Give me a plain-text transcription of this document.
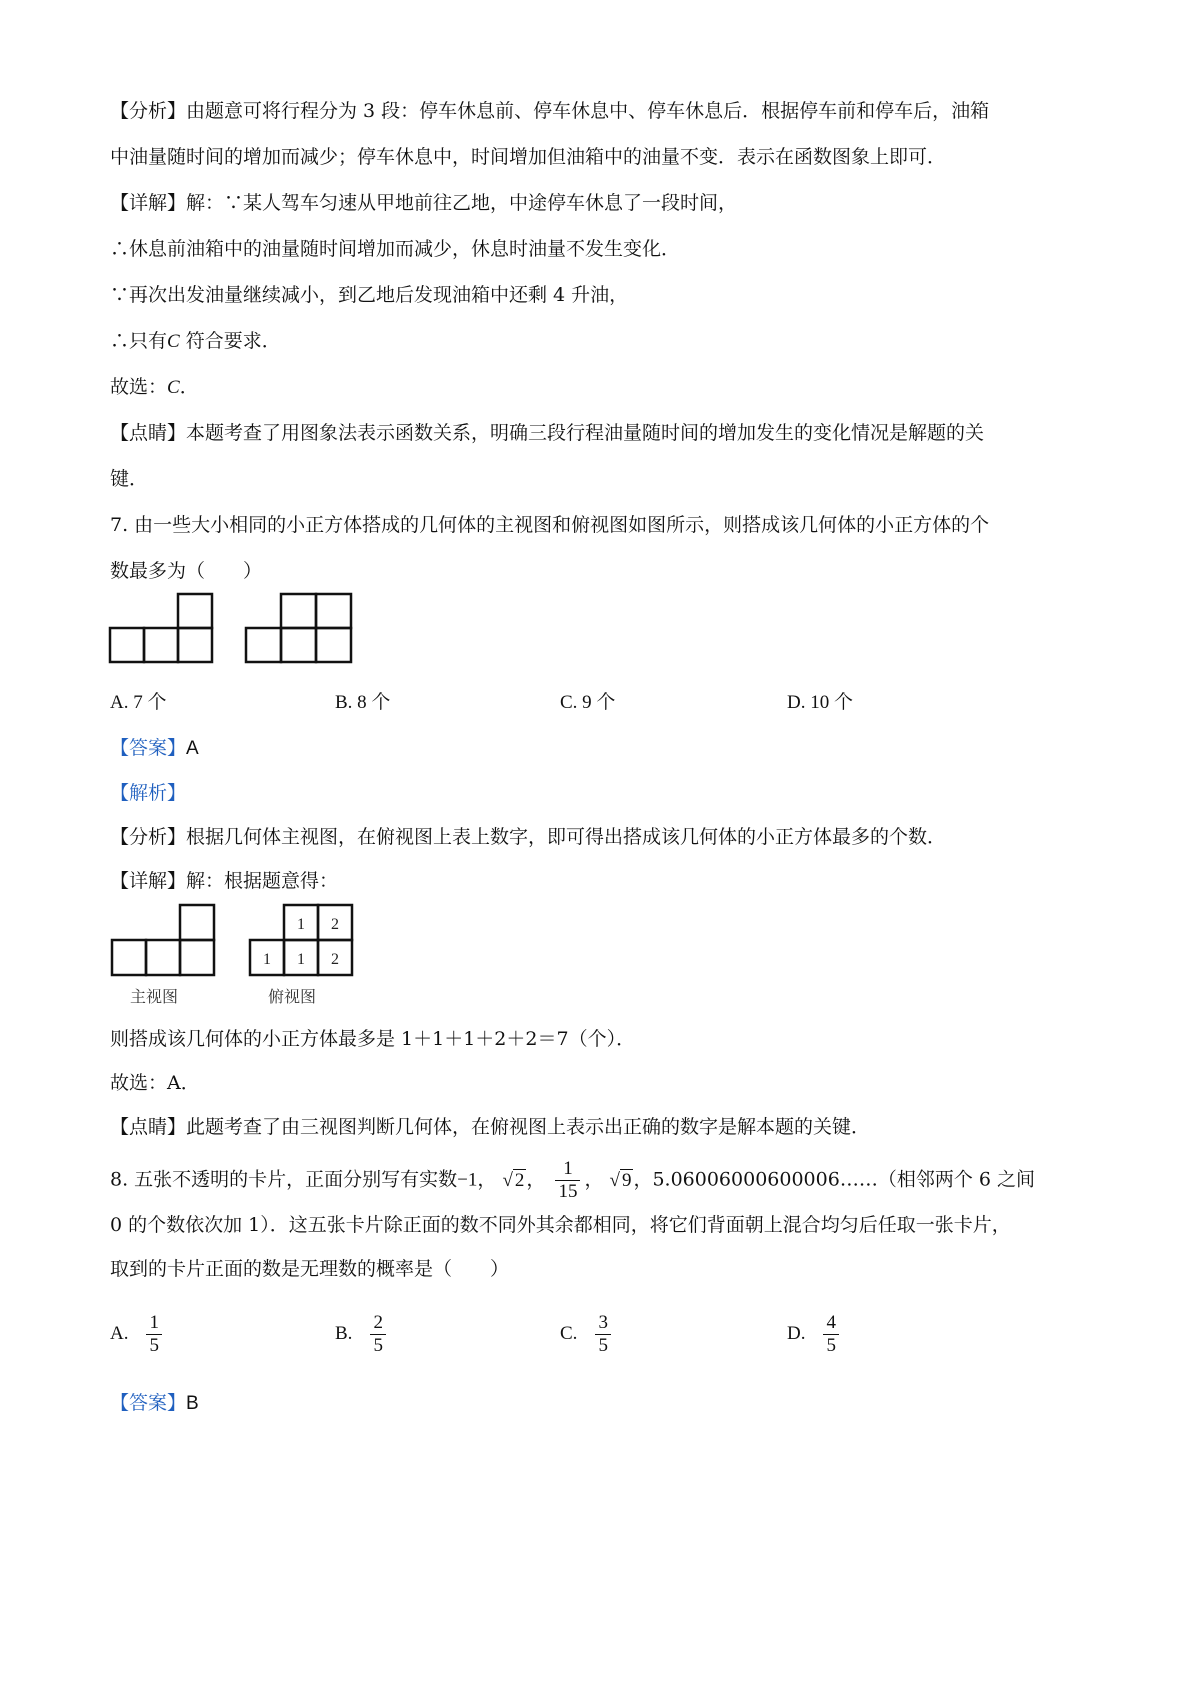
【分析】由题意可将行程分为 3 段：停车休息前、停车休息中、停车休息后．根据停车前和停车后，油箱
中油量随时间的增加而减少；停车休息中，时间增加但油箱中的油量不变．表示在函数图象上即可．
【详解】解：∵某人驾车匀速从甲地前往乙地，中途停车休息了一段时间，
∴休息前油箱中的油量随时间增加而减少，休息时油量不发生变化．
∵再次出发油量继续减小，到乙地后发现油箱中还剩 4 升油，
∴只有C 符合要求．
故选：C．
【点睛】本题考查了用图象法表示函数关系，明确三段行程油量随时间的增加发生的变化情况是解题的关
键．
7. 由一些大小相同的小正方体搭成的几何体的主视图和俯视图如图所示，则搭成该几何体的小正方体的个
数最多为（　　）
A. 7 个	B. 8 个	C. 9 个	D. 10 个
【答案】A
【解析】
【分析】根据几何体主视图，在俯视图上表上数字，即可得出搭成该几何体的小正方体最多的个数．
【详解】解：根据题意得：
1 2
1 1 2
主视图	俯视图
则搭成该几何体的小正方体最多是 1＋1＋1＋2＋2＝7（个）．
故选：A．
【点睛】此题考查了由三视图判断几何体，在俯视图上表示出正确的数字是解本题的关键．
8. 五张不透明的卡片，正面分别写有实数−1， √ 2 ， $\frac{1}{15}$ ， √ 9 ，5.06006000600006……（相邻两个 6 之间
0 的个数依次加 1）．这五张卡片除正面的数不同外其余都相同，将它们背面朝上混合均匀后任取一张卡片，
取到的卡片正面的数是无理数的概率是（　　）
A. $\frac{1}{5}$	B. $\frac{2}{5}$	C. $\frac{3}{5}$	D. $\frac{4}{5}$
【答案】B
